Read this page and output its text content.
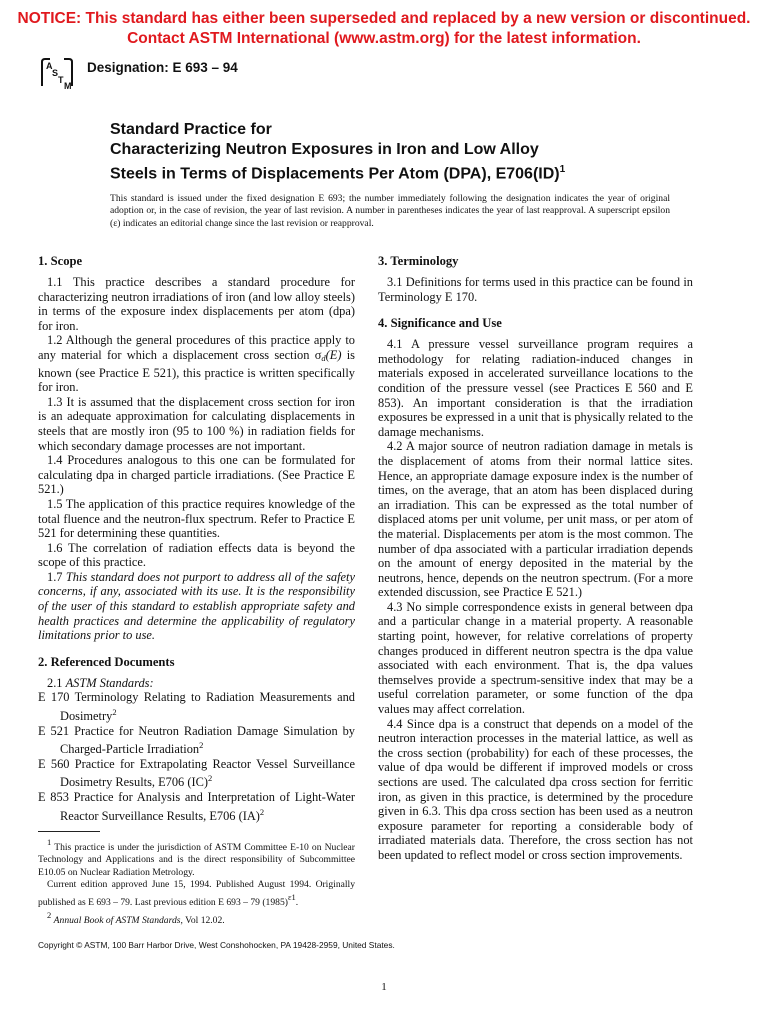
NOTICE: This standard has either been superseded and replaced by a new version or discontinued.
Contact ASTM International (www.astm.org) for the latest information.
A
S
T
M
Designation: E 693 – 94
Standard Practice for
Characterizing Neutron Exposures in Iron and Low Alloy
Steels in Terms of Displacements Per Atom (DPA), E706(ID)$^1$
This standard is issued under the fixed designation E 693; the number immediately following the designation indicates the year of original adoption or, in the case of revision, the year of last revision. A number in parentheses indicates the year of last reapproval. A superscript epsilon (ε) indicates an editorial change since the last revision or reapproval.
1. Scope

1.1 This practice describes a standard procedure for characterizing neutron irradiations of iron (and low alloy steels) in terms of the exposure index displacements per atom (dpa) for iron.

1.2 Although the general procedures of this practice apply to any material for which a displacement cross section $\sigma_d(E)$ is known (see Practice E 521), this practice is written specifically for iron.

1.3 It is assumed that the displacement cross section for iron is an adequate approximation for calculating displacements in steels that are mostly iron (95 to 100 %) in radiation fields for which secondary damage processes are not important.

1.4 Procedures analogous to this one can be formulated for calculating dpa in charged particle irradiations. (See Practice E 521.)

1.5 The application of this practice requires knowledge of the total fluence and the neutron-flux spectrum. Refer to Practice E 521 for determining these quantities.

1.6 The correlation of radiation effects data is beyond the scope of this practice.

1.7 This standard does not purport to address all of the safety concerns, if any, associated with its use. It is the responsibility of the user of this standard to establish appropriate safety and health practices and determine the applicability of regulatory limitations prior to use.

2. Referenced Documents

2.1 ASTM Standards:

E 170 Terminology Relating to Radiation Measurements and Dosimetry$^2$

E 521 Practice for Neutron Radiation Damage Simulation by Charged-Particle Irradiation$^2$

E 560 Practice for Extrapolating Reactor Vessel Surveillance Dosimetry Results, E706 (IC)$^2$

E 853 Practice for Analysis and Interpretation of Light-Water Reactor Surveillance Results, E706 (IA)$^2$

1 This practice is under the jurisdiction of ASTM Committee E-10 on Nuclear Technology and Applications and is the direct responsibility of Subcommittee E10.05 on Nuclear Radiation Metrology.

Current edition approved June 15, 1994. Published August 1994. Originally published as E 693 – 79. Last previous edition E 693 – 79 (1985)ε1.

2 Annual Book of ASTM Standards, Vol 12.02.

3. Terminology

3.1 Definitions for terms used in this practice can be found in Terminology E 170.

4. Significance and Use

4.1 A pressure vessel surveillance program requires a methodology for relating radiation-induced changes in materials exposed in accelerated surveillance locations to the condition of the pressure vessel (see Practices E 560 and E 853). An important consideration is that the irradiation exposures be expressed in a unit that is physically related to the damage mechanisms.

4.2 A major source of neutron radiation damage in metals is the displacement of atoms from their normal lattice sites. Hence, an appropriate damage exposure index is the number of times, on the average, that an atom has been displaced during an irradiation. This can be expressed as the total number of displaced atoms per unit volume, per unit mass, or per atom of the material. Displacements per atom is the most common. The number of dpa associated with a particular irradiation depends on the amount of energy deposited in the material by the neutrons, hence, depends on the neutron spectrum. (For a more extended discussion, see Practice E 521.)

4.3 No simple correspondence exists in general between dpa and a particular change in a material property. A reasonable starting point, however, for relative correlations of property changes produced in different neutron spectra is the dpa value associated with each environment. That is, the dpa values themselves provide a spectrum-sensitive index that may be a useful correlation parameter, or some function of the dpa values may affect correlation.

4.4 Since dpa is a construct that depends on a model of the neutron interaction processes in the material lattice, as well as the cross section (probability) for each of these processes, the value of dpa would be different if improved models or cross sections are used. The calculated dpa cross section for ferritic iron, as given in this practice, is determined by the procedure given in 6.3. This dpa cross section has been used as a neutron exposure parameter for reporting a considerable body of irradiated materials data. Therefore, the cross section has not been updated to reflect model or cross section improvements.

Copyright © ASTM, 100 Barr Harbor Drive, West Conshohocken, PA 19428-2959, United States.
1
